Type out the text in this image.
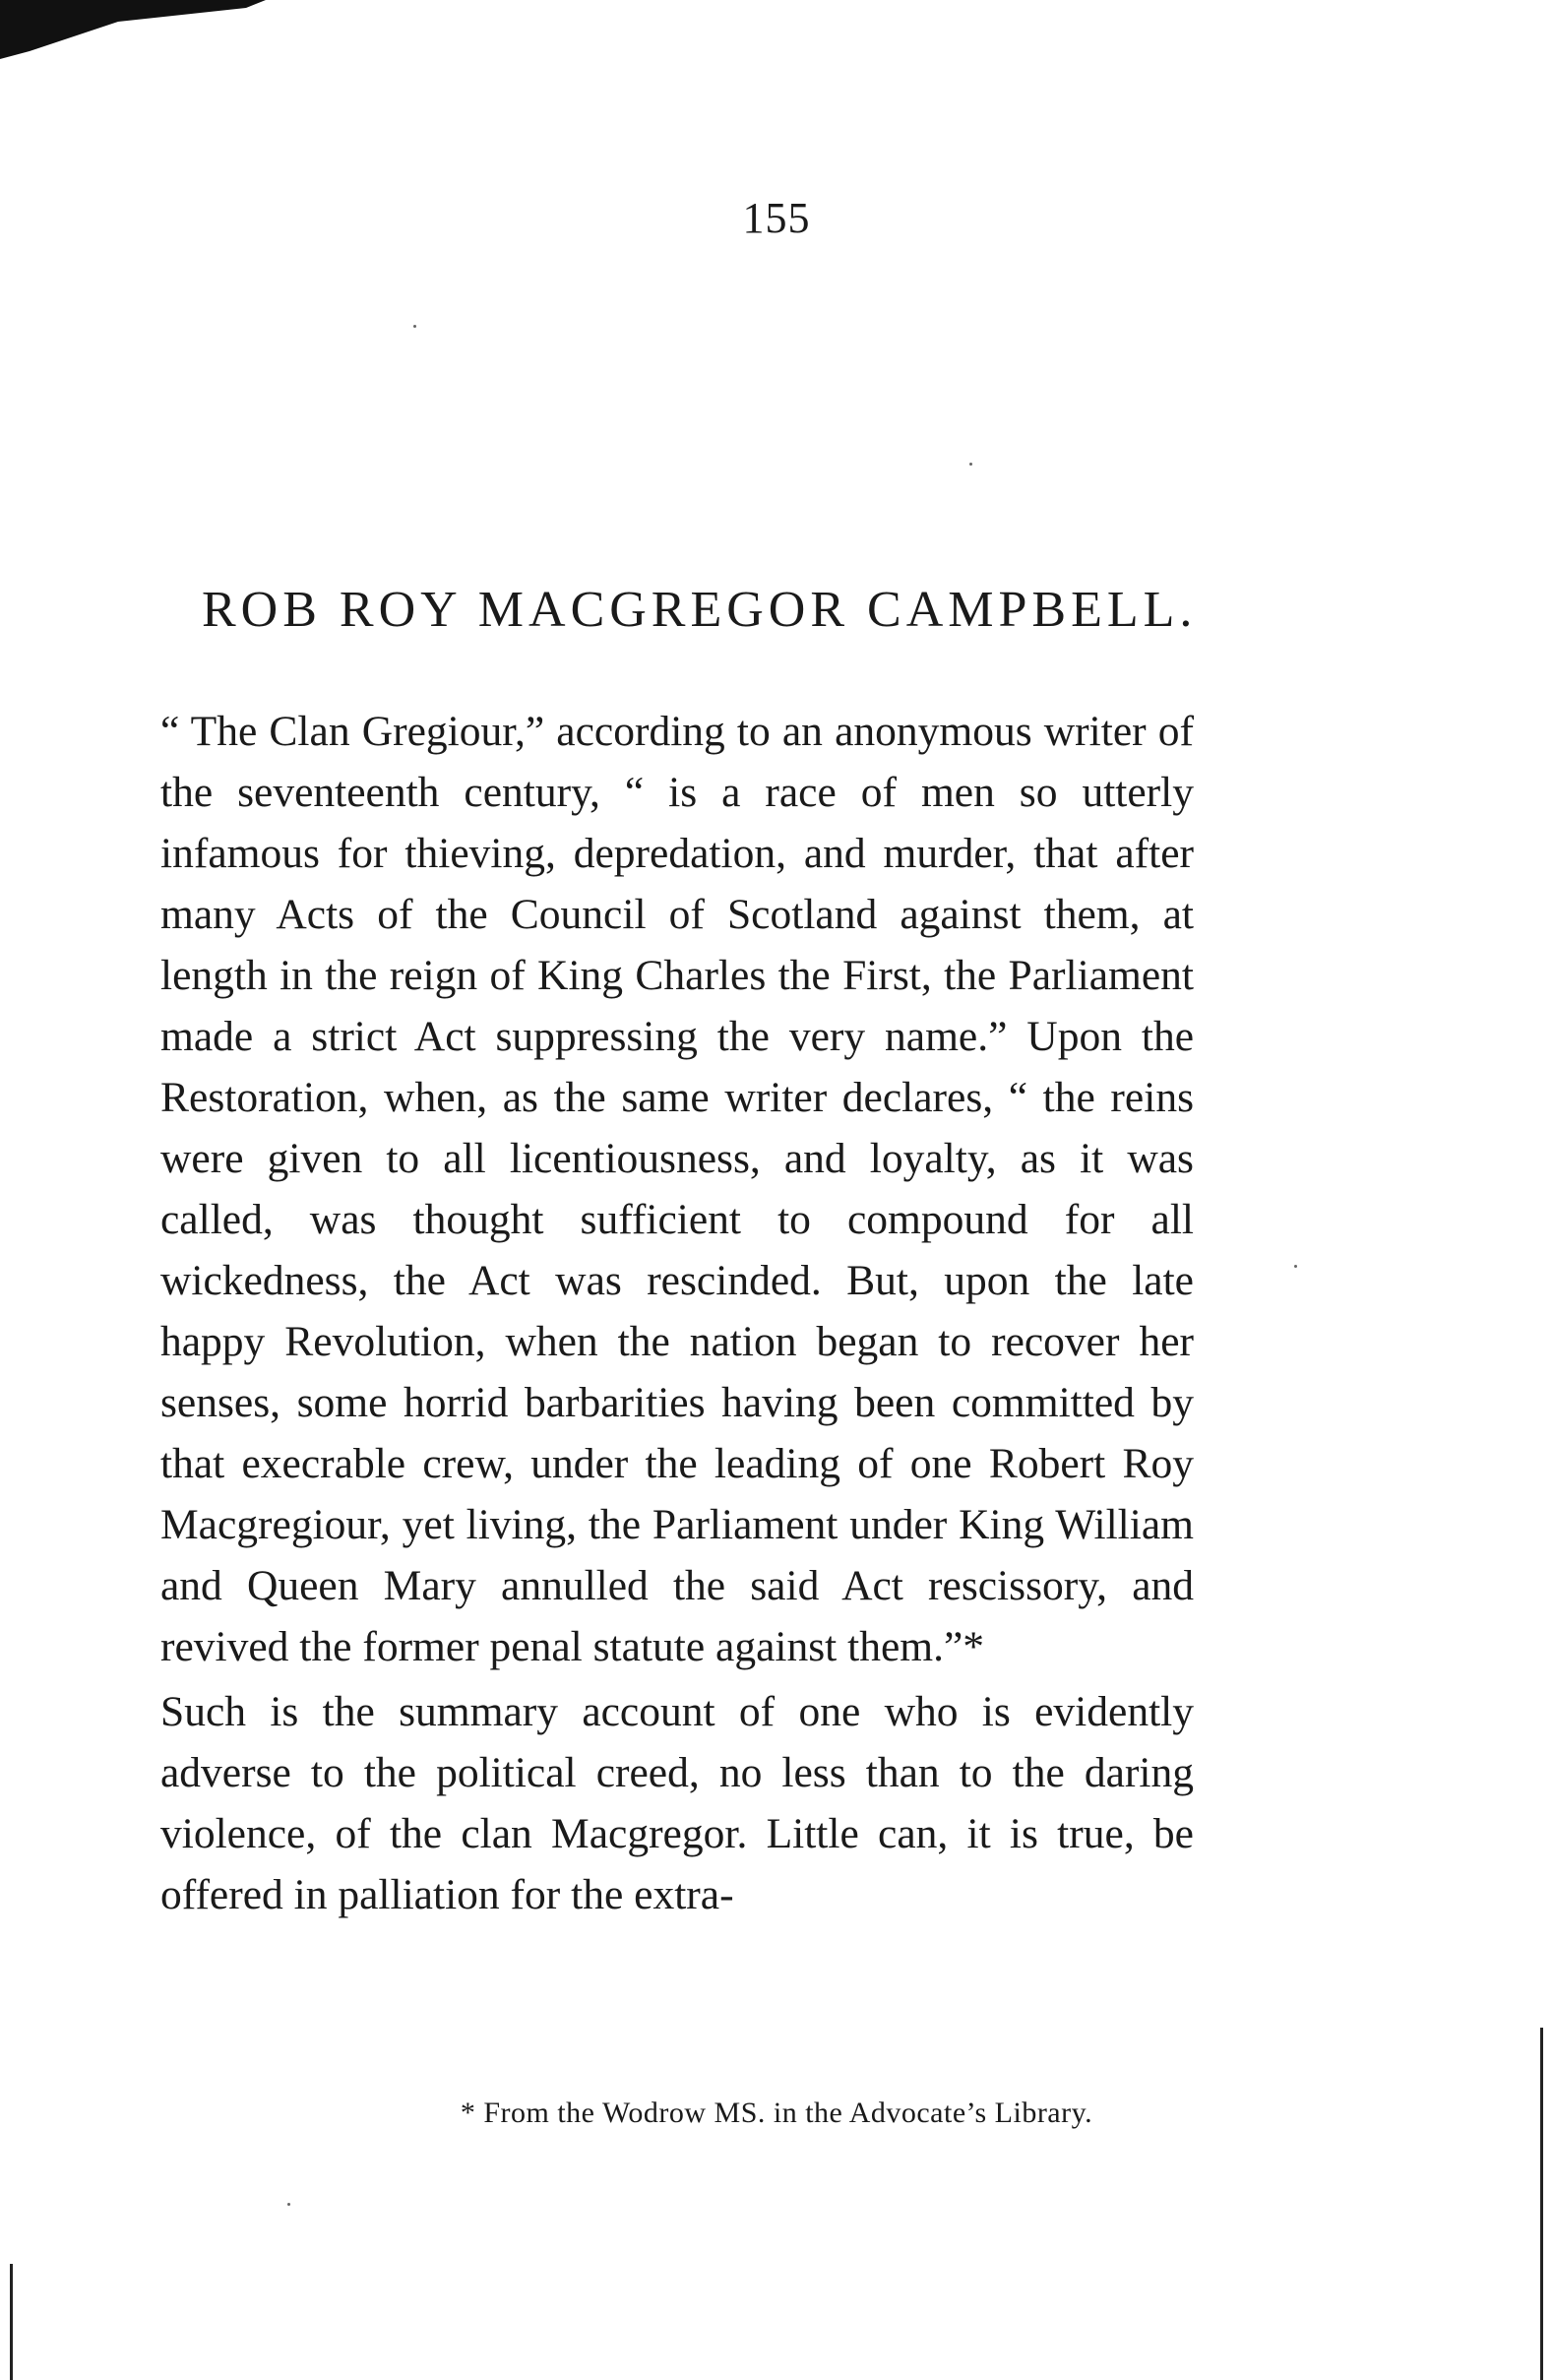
155
ROB ROY MACGREGOR CAMPBELL.

“ The Clan Gregiour,” according to an anonymous writer of the seventeenth century, “ is a race of men so utterly infamous for thieving, depredation, and murder, that after many Acts of the Council of Scotland against them, at length in the reign of King Charles the First, the Parliament made a strict Act suppressing the very name.” Upon the Restoration, when, as the same writer declares, “ the reins were given to all licentiousness, and loyalty, as it was called, was thought sufficient to compound for all wickedness, the Act was rescinded. But, upon the late happy Revolution, when the nation began to recover her senses, some horrid barbarities having been committed by that execrable crew, under the leading of one Robert Roy Macgregiour, yet living, the Parliament under King William and Queen Mary annulled the said Act rescissory, and revived the former penal statute against them.”*

Such is the summary account of one who is evidently adverse to the political creed, no less than to the daring violence, of the clan Macgregor. Little can, it is true, be offered in palliation for the extra-

* From the Wodrow MS. in the Advocate’s Library.
